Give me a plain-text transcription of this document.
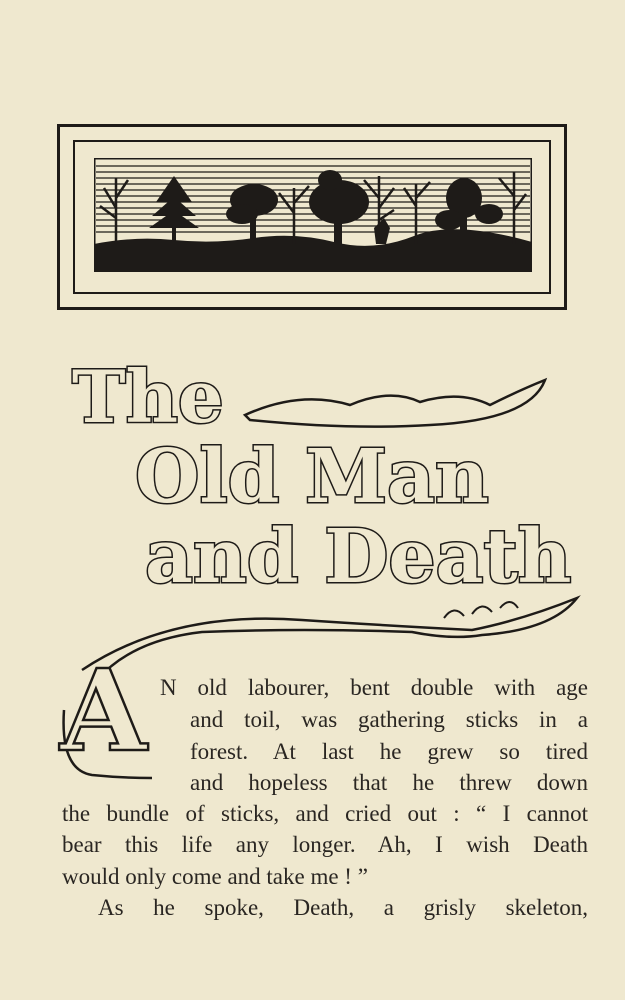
The
Old Man
and Death
A N old labourer, bent double with age
and toil, was gathering sticks in a
forest. At last he grew so tired
and hopeless that he threw down
the bundle of sticks, and cried out : “ I cannot
bear this life any longer. Ah, I wish Death
would only come and take me ! ”
As he spoke, Death, a grisly skeleton,
